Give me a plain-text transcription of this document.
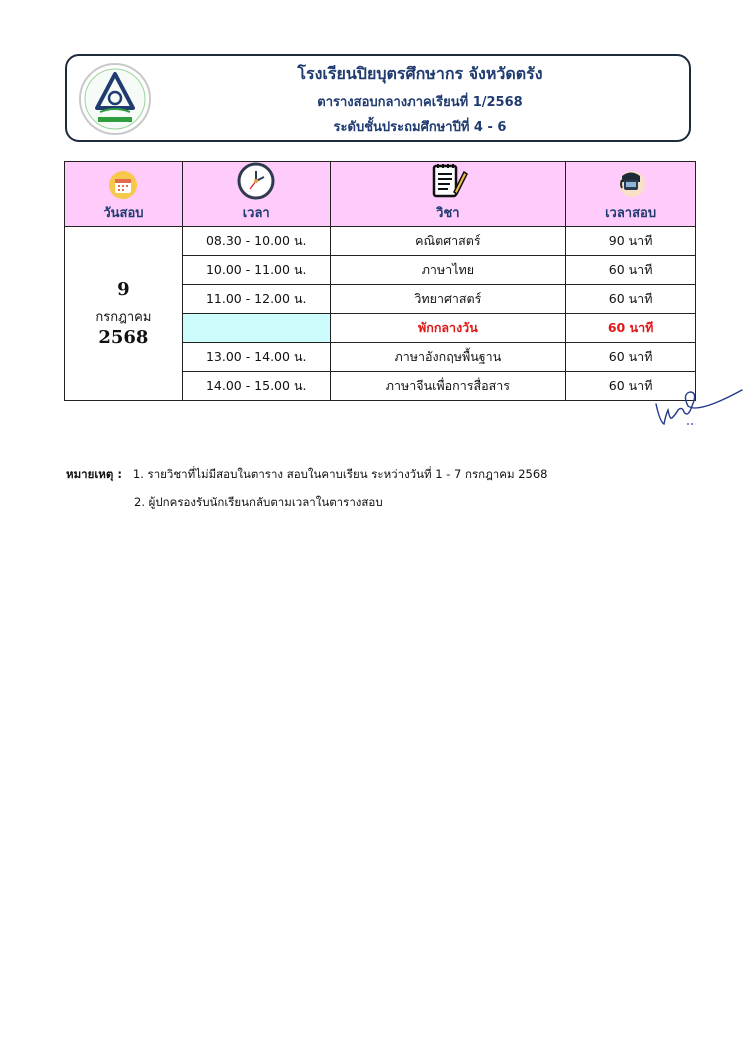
โรงเรียนปิยบุตรศึกษากร จังหวัดตรัง
ตารางสอบกลางภาคเรียนที่ 1/2568
ระดับชั้นประถมศึกษาปีที่ 4 - 6
วันสอบ	เวลา	วิชา	เวลาสอบ

9
กรกฎาคม
2568	08.30 - 10.00 น.	คณิตศาสตร์	90 นาที
	10.00 - 11.00 น.	ภาษาไทย	60 นาที
	11.00 - 12.00 น.	วิทยาศาสตร์	60 นาที
		พักกลางวัน	60 นาที
	13.00 - 14.00 น.	ภาษาอังกฤษพื้นฐาน	60 นาที
	14.00 - 15.00 น.	ภาษาจีนเพื่อการสื่อสาร	60 นาที
หมายเหตุ : 1. รายวิชาที่ไม่มีสอบในตาราง สอบในคาบเรียน ระหว่างวันที่ 1 - 7 กรกฎาคม 2568
2. ผู้ปกครองรับนักเรียนกลับตามเวลาในตารางสอบ
